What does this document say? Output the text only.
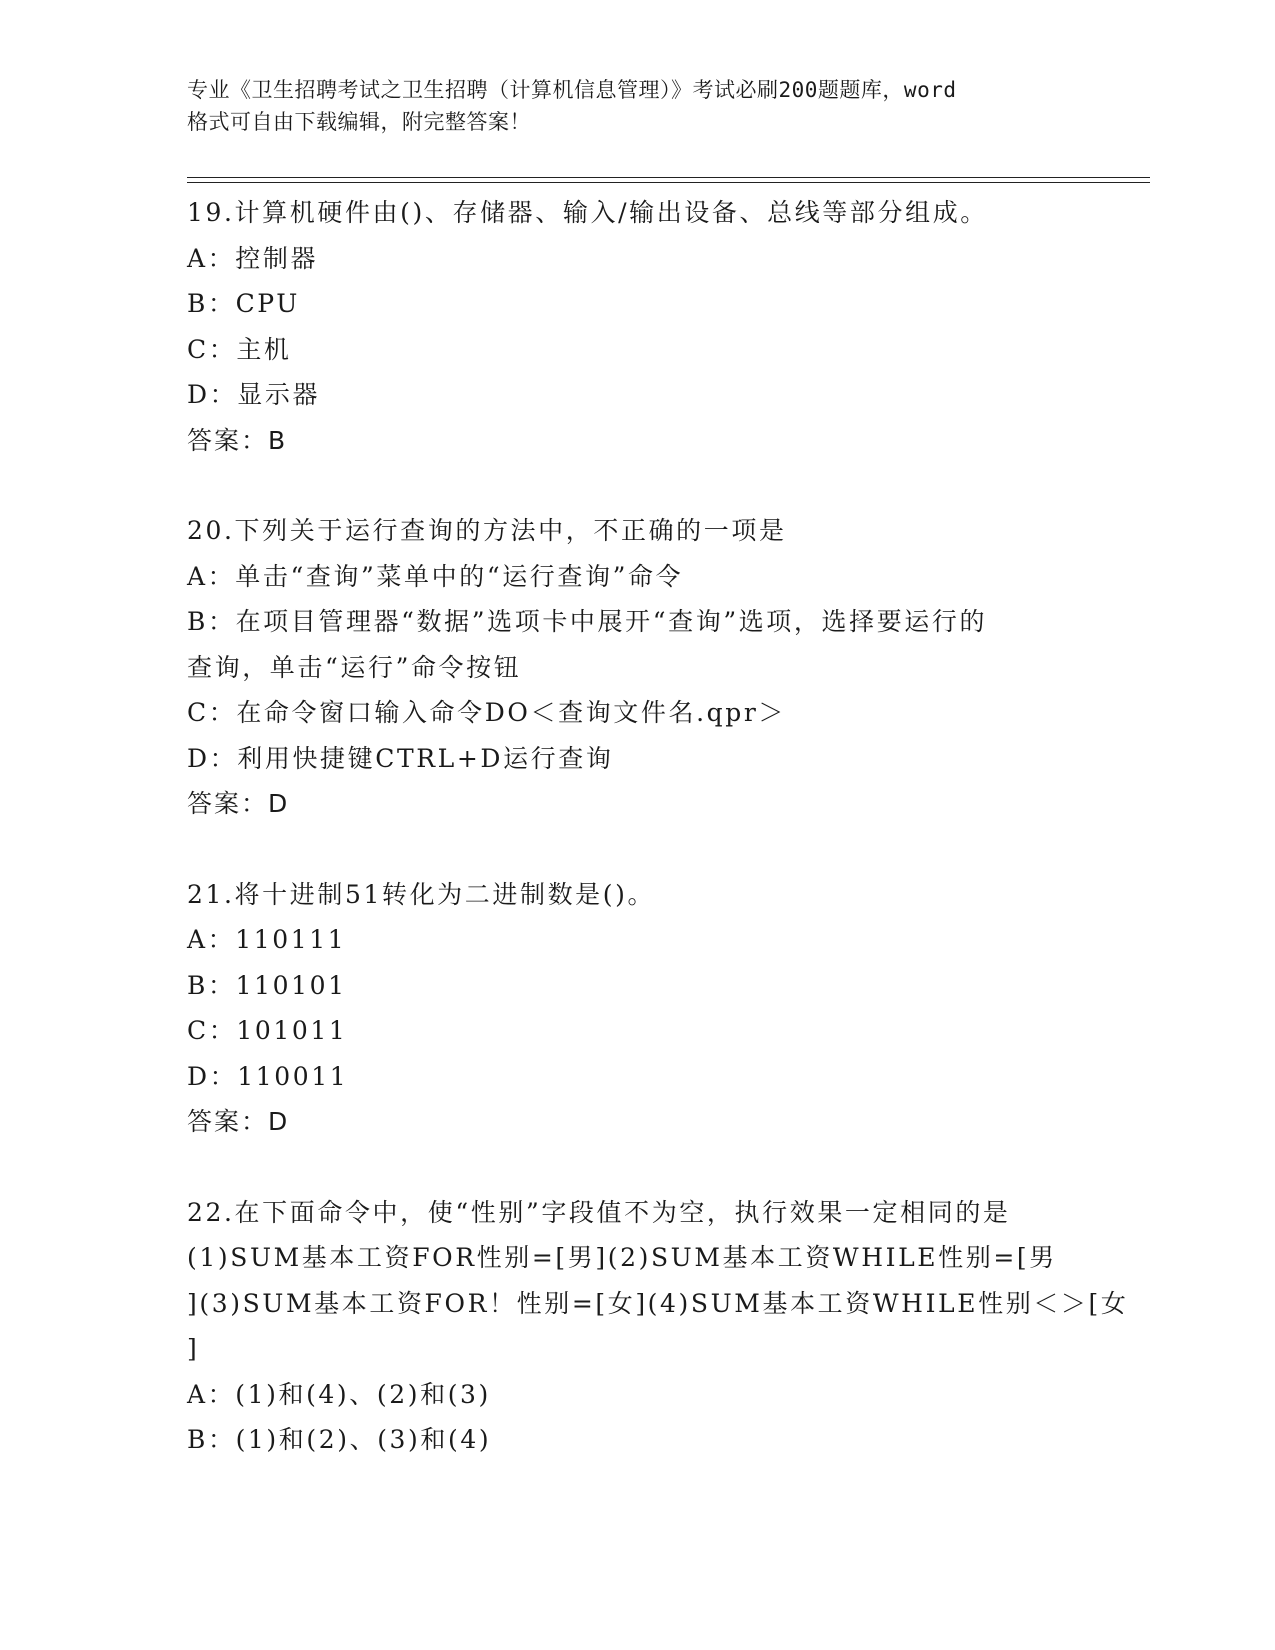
专业《卫生招聘考试之卫生招聘（计算机信息管理）》考试必刷200题题库，word
格式可自由下载编辑，附完整答案！
19.计算机硬件由()、存储器、输入/输出设备、总线等部分组成。
A：控制器
B：CPU
C：主机
D：显示器
答案：B
20.下列关于运行查询的方法中，不正确的一项是
A：单击“查询”菜单中的“运行查询”命令
B：在项目管理器“数据”选项卡中展开“查询”选项，选择要运行的
查询，单击“运行”命令按钮
C：在命令窗口输入命令DO＜查询文件名.qpr＞
D：利用快捷键CTRL+D运行查询
答案：D
21.将十进制51转化为二进制数是()。
A：110111
B：110101
C：101011
D：110011
答案：D
22.在下面命令中，使“性别”字段值不为空，执行效果一定相同的是
(1)SUM基本工资FOR性别=[男](2)SUM基本工资WHILE性别=[男
](3)SUM基本工资FOR！性别=[女](4)SUM基本工资WHILE性别＜＞[女
]
A：(1)和(4)、(2)和(3)
B：(1)和(2)、(3)和(4)
